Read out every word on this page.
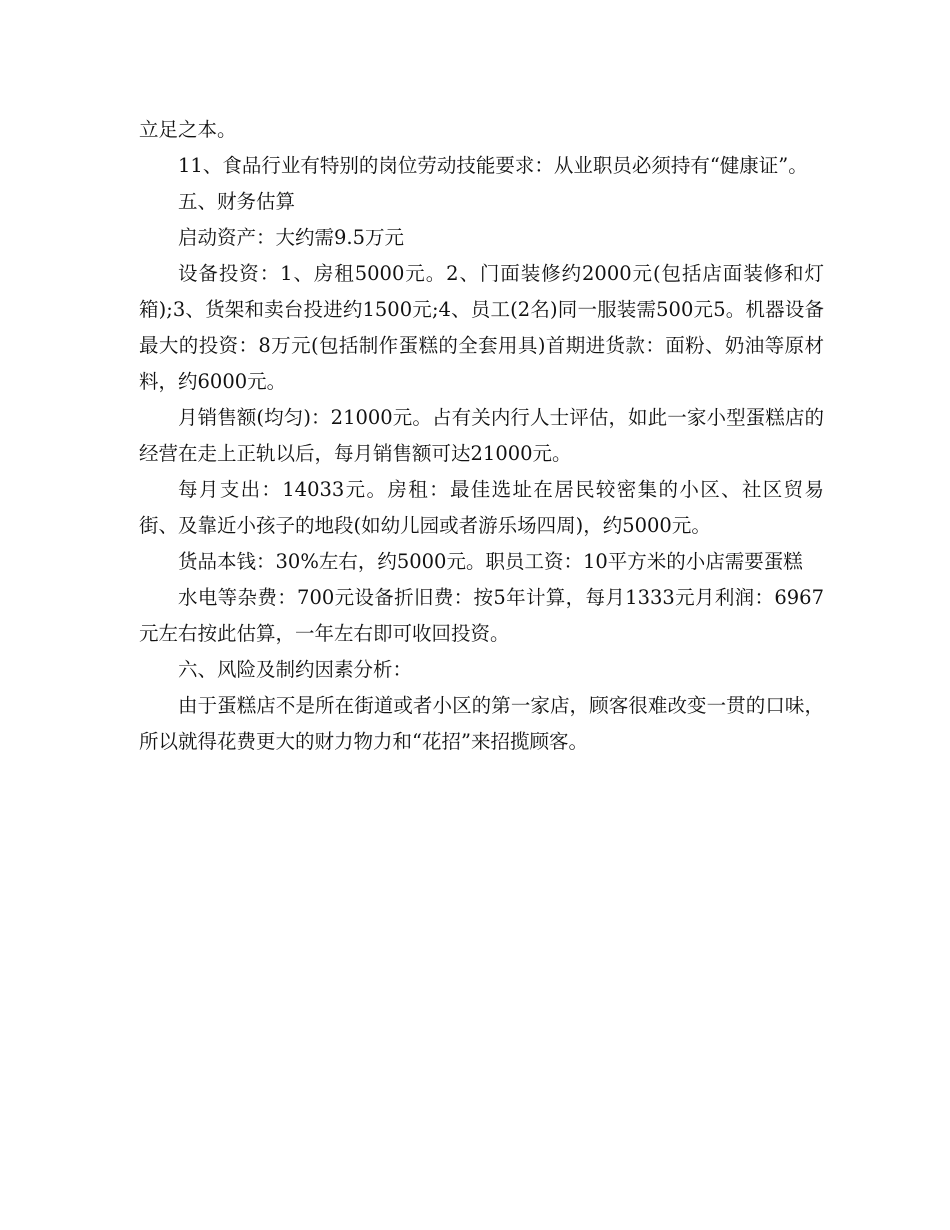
立足之本。

11、食品行业有特别的岗位劳动技能要求：从业职员必须持有“健康证”。

五、财务估算

启动资产：大约需9.5万元

设备投资：1、房租5000元。2、门面装修约2000元(包括店面装修和灯箱);3、货架和卖台投进约1500元;4、员工(2名)同一服装需500元5。机器设备最大的投资：8万元(包括制作蛋糕的全套用具)首期进货款：面粉、奶油等原材料，约6000元。

月销售额(均匀)：21000元。占有关内行人士评估，如此一家小型蛋糕店的经营在走上正轨以后，每月销售额可达21000元。

每月支出：14033元。房租：最佳选址在居民较密集的小区、社区贸易街、及靠近小孩子的地段(如幼儿园或者游乐场四周)，约5000元。

货品本钱：30%左右，约5000元。职员工资：10平方米的小店需要蛋糕

水电等杂费：700元设备折旧费：按5年计算，每月1333元月利润：6967元左右按此估算，一年左右即可收回投资。

六、风险及制约因素分析：

由于蛋糕店不是所在街道或者小区的第一家店，顾客很难改变一贯的口味，所以就得花费更大的财力物力和“花招”来招揽顾客。
